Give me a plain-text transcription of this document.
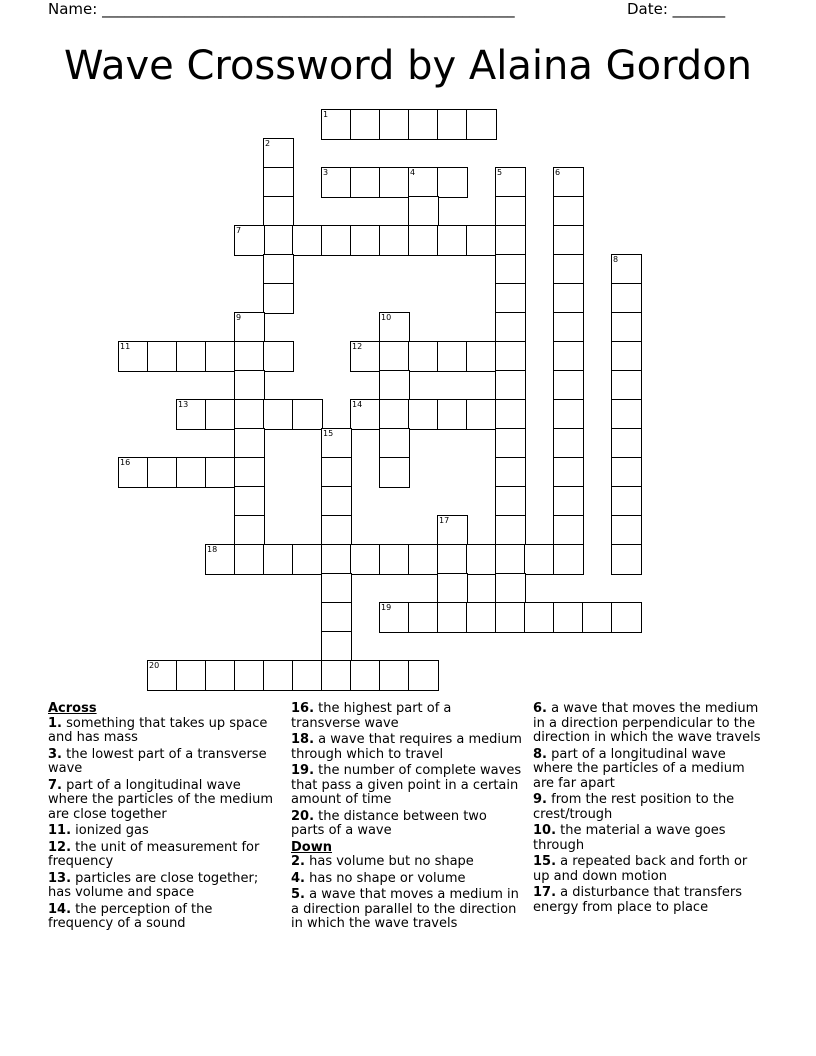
Name: _______________________________________________________	Date: _______
Wave Crossword by Alaina Gordon
1
2
3	4	5	6
7
8
9	10
11	12
13	14
15
16
17
18
19
20
Across
1. something that takes up space and has mass
3. the lowest part of a transverse wave
7. part of a longitudinal wave where the particles of the medium are close together
11. ionized gas
12. the unit of measurement for frequency
13. particles are close together; has volume and space
14. the perception of the frequency of a sound
16. the highest part of a transverse wave
18. a wave that requires a medium through which to travel
19. the number of complete waves that pass a given point in a certain amount of time
20. the distance between two parts of a wave
Down
2. has volume but no shape
4. has no shape or volume
5. a wave that moves a medium in a direction parallel to the direction in which the wave travels
6. a wave that moves the medium in a direction perpendicular to the direction in which the wave travels
8. part of a longitudinal wave where the particles of a medium are far apart
9. from the rest position to the crest/trough
10. the material a wave goes through
15. a repeated back and forth or up and down motion
17. a disturbance that transfers energy from place to place
